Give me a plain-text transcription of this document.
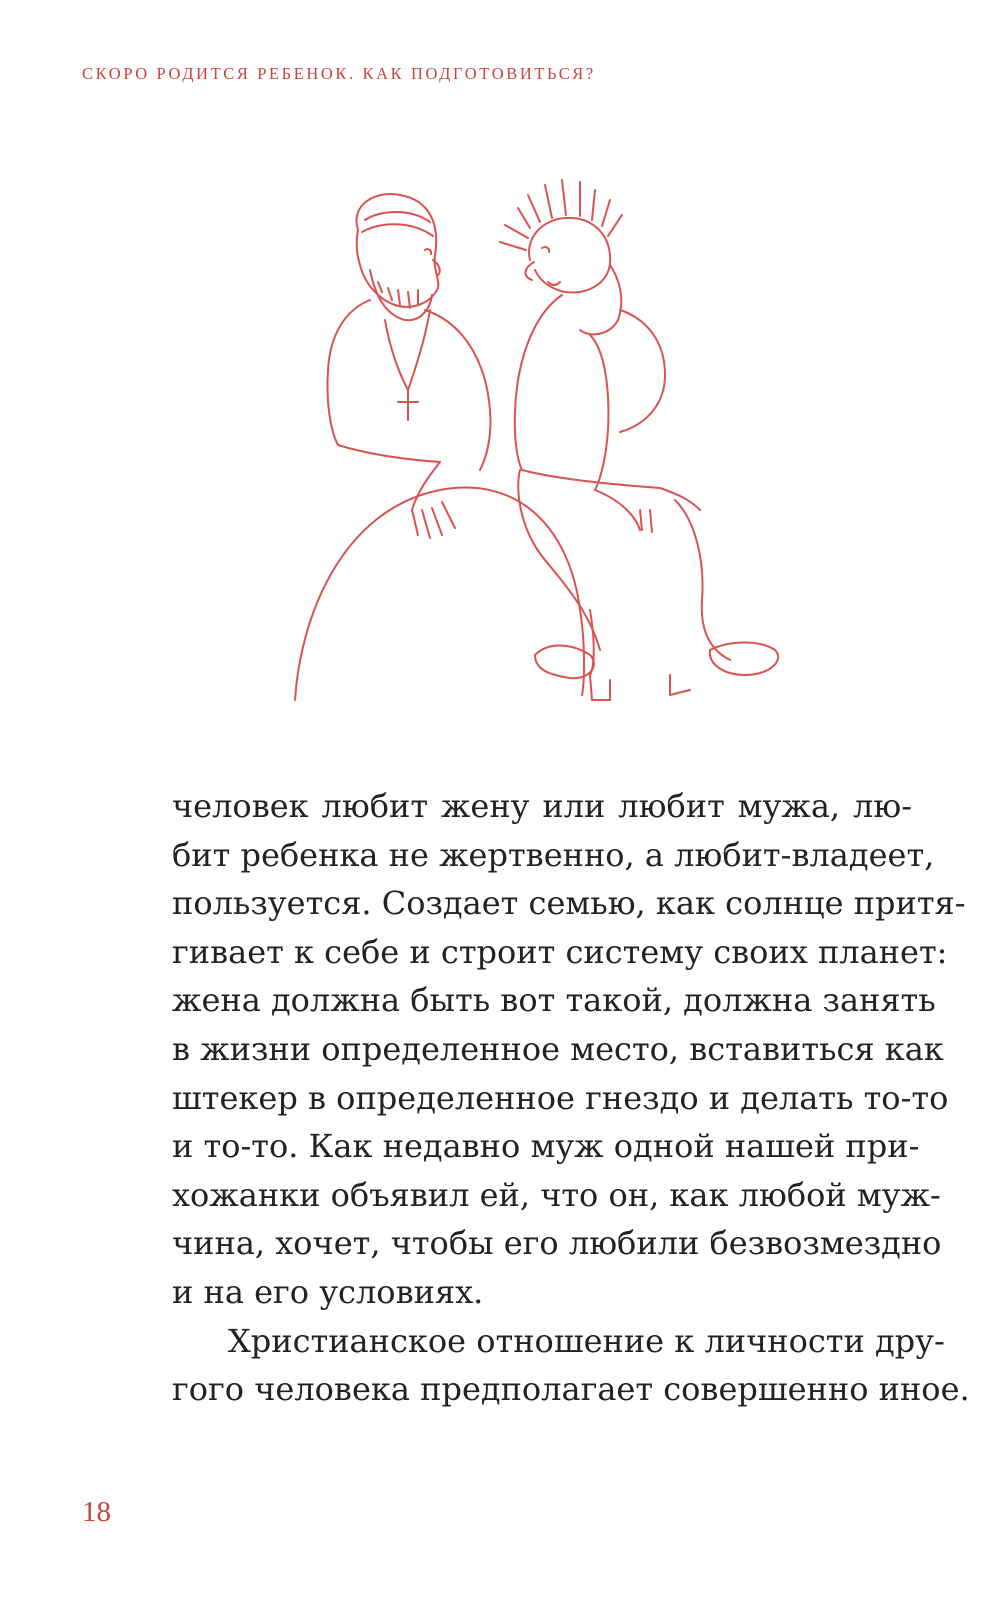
СКОРО РОДИТСЯ РЕБЕНОК. КАК ПОДГОТОВИТЬСЯ?
человек любит жену или любит мужа, лю-
бит ребенка не жертвенно, а любит-владеет,
пользуется. Создает семью, как солнце притя-
гивает к себе и строит систему своих планет:
жена должна быть вот такой, должна занять
в жизни определенное место, вставиться как
штекер в определенное гнездо и делать то-то
и то-то. Как недавно муж одной нашей при-
хожанки объявил ей, что он, как любой муж-
чина, хочет, чтобы его любили безвозмездно
и на его условиях.
Христианское отношение к личности дру-
гого человека предполагает совершенно иное.
18
